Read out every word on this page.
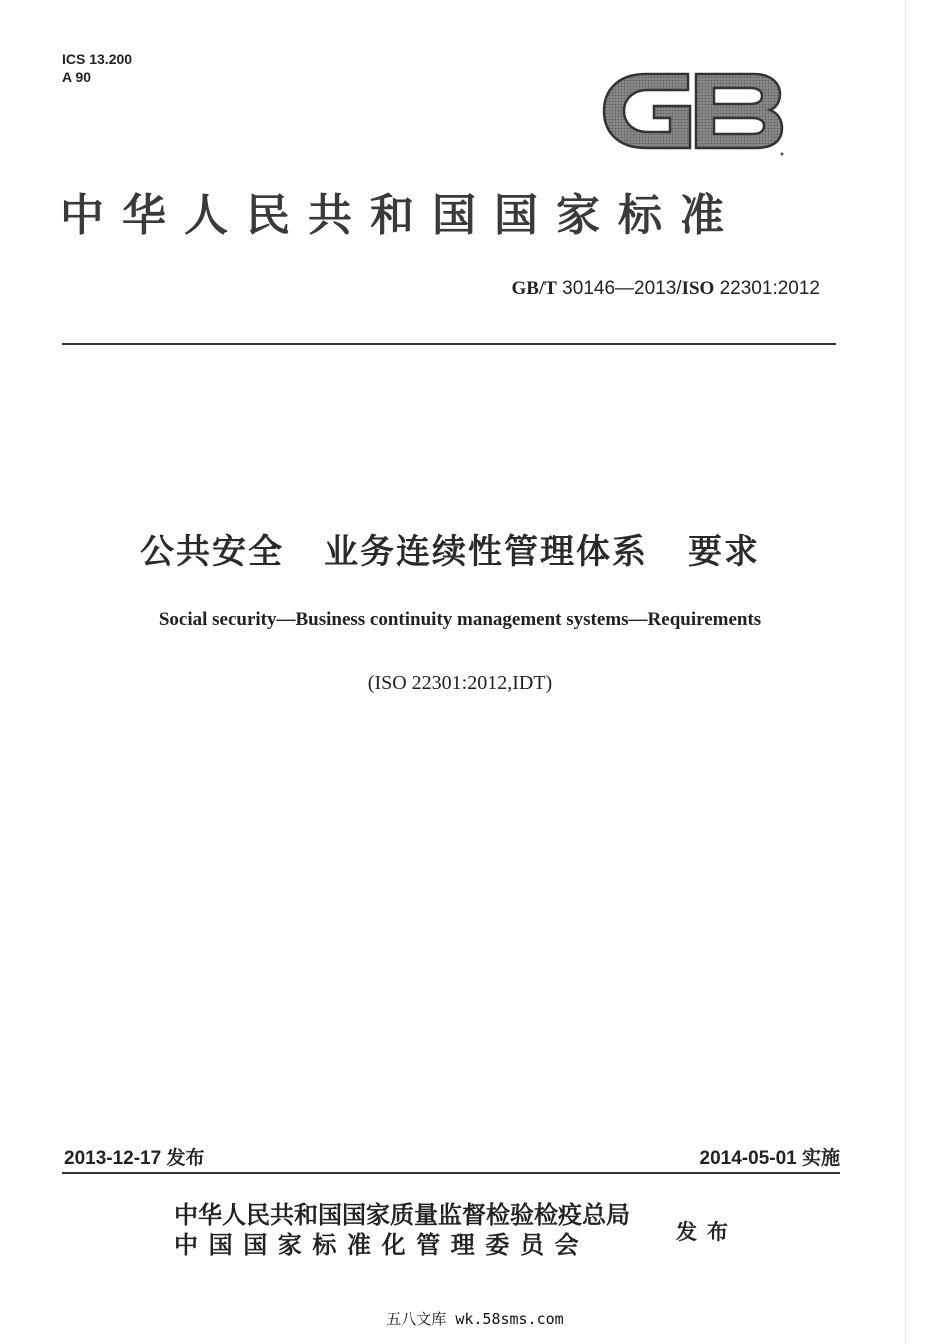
ICS 13.200
A 90
中华人民共和国国家标准
GB/T 30146—2013/ISO 22301:2012
公共安全 业务连续性管理体系 要求
Social security—Business continuity management systems—Requirements
(ISO 22301:2012,IDT)
2013-12-17 发布	2014-05-01 实施
中华人民共和国国家质量监督检验检疫总局
中国国家标准化管理委员会	发布
五八文库 wk.58sms.com
